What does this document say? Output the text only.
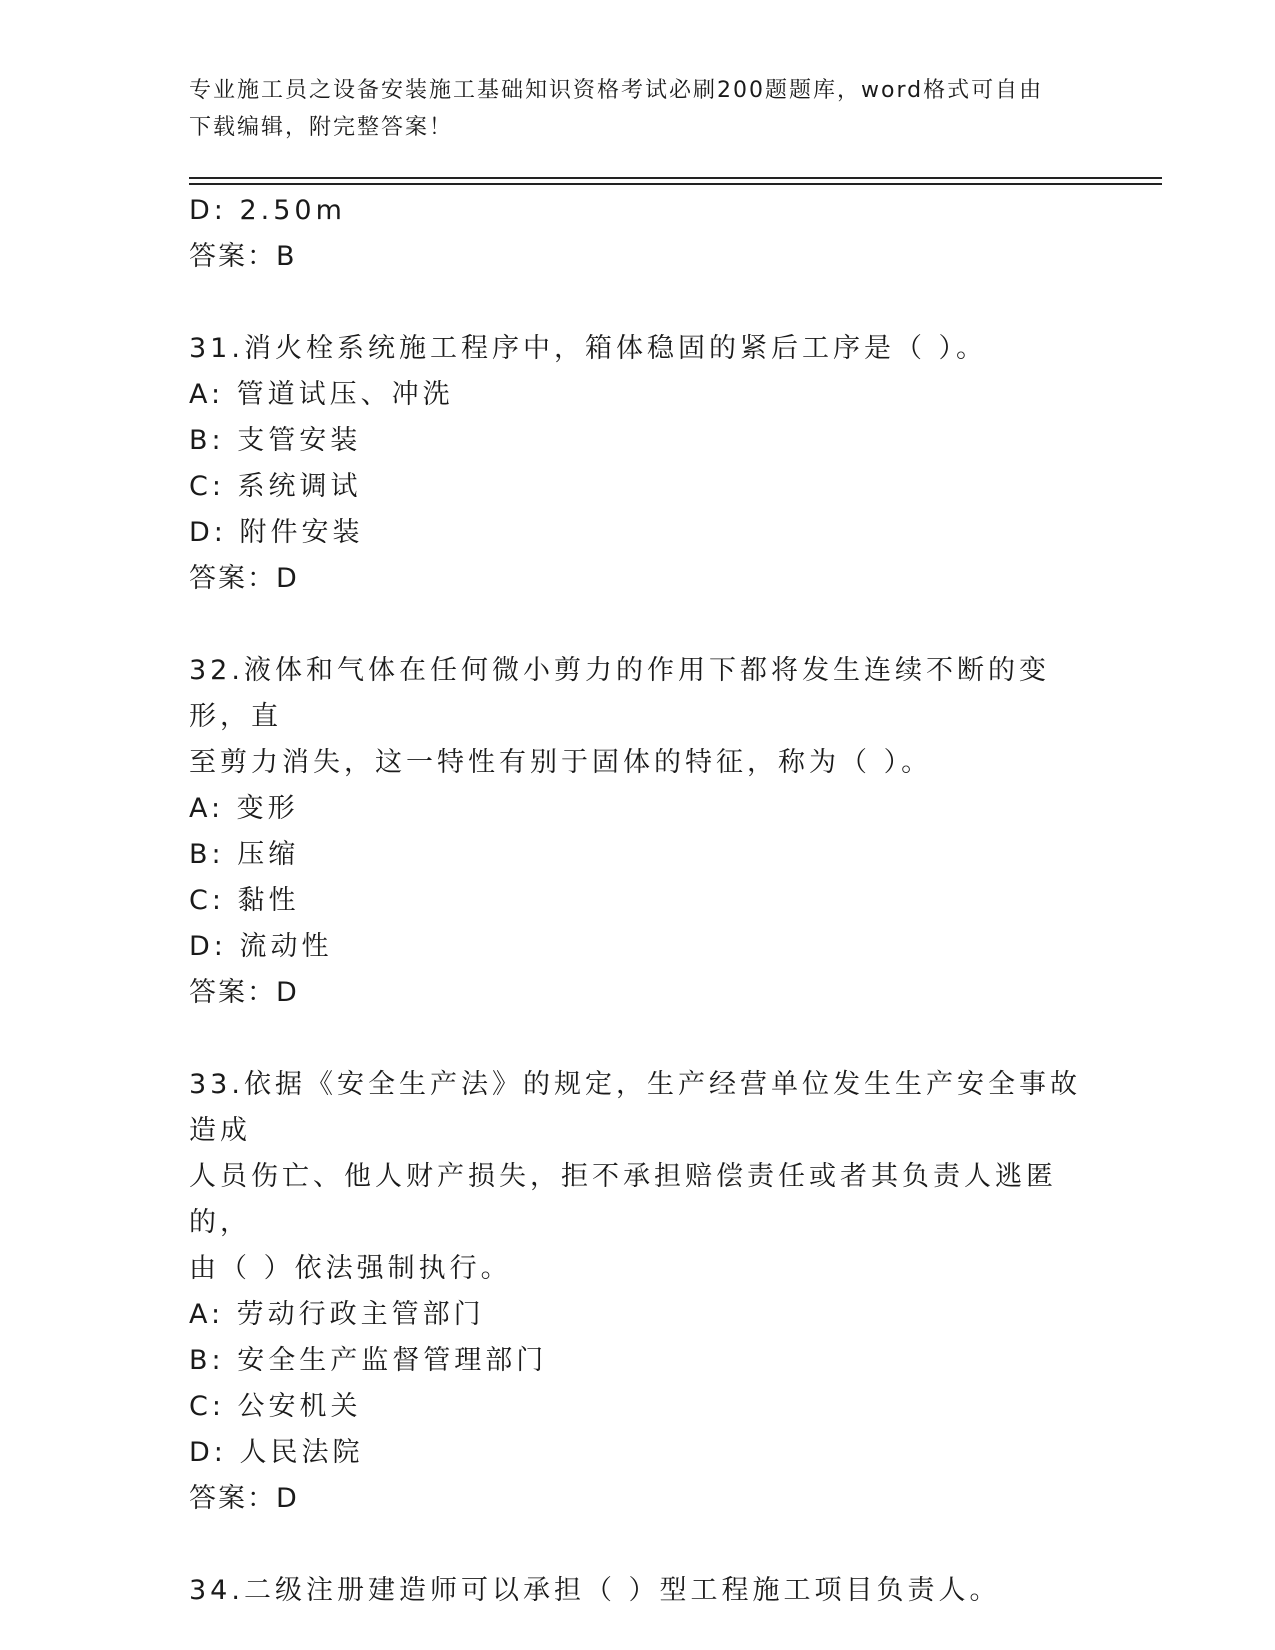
专业施工员之设备安装施工基础知识资格考试必刷200题题库，word格式可自由
下载编辑，附完整答案！
D: 2.50m
答案：B
31.消火栓系统施工程序中，箱体稳固的紧后工序是（ ）。
A: 管道试压、冲洗
B: 支管安装
C: 系统调试
D: 附件安装
答案：D
32.液体和气体在任何微小剪力的作用下都将发生连续不断的变形，直
至剪力消失，这一特性有别于固体的特征，称为（ ）。
A: 变形
B: 压缩
C: 黏性
D: 流动性
答案：D
33.依据《安全生产法》的规定，生产经营单位发生生产安全事故造成
人员伤亡、他人财产损失，拒不承担赔偿责任或者其负责人逃匿的，
由（ ）依法强制执行。
A: 劳动行政主管部门
B: 安全生产监督管理部门
C: 公安机关
D: 人民法院
答案：D
34.二级注册建造师可以承担（ ）型工程施工项目负责人。
